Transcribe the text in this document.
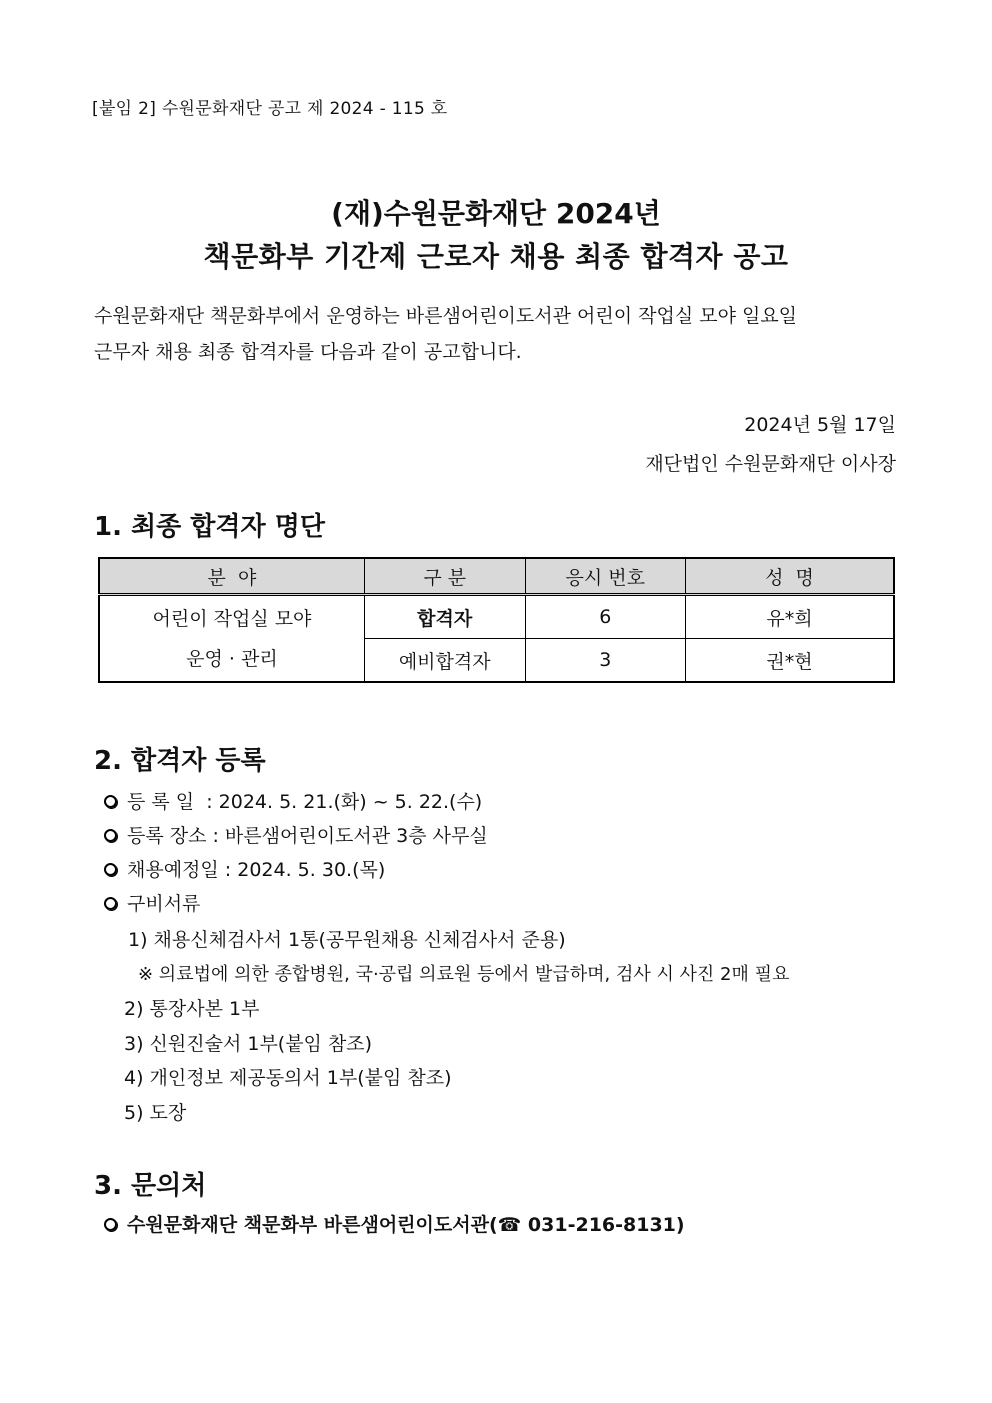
[붙임 2] 수원문화재단 공고 제 2024 - 115 호
(재)수원문화재단 2024년
책문화부 기간제 근로자 채용 최종 합격자 공고
수원문화재단 책문화부에서 운영하는 바른샘어린이도서관 어린이 작업실 모야 일요일
근무자 채용 최종 합격자를 다음과 같이 공고합니다.
2024년 5월 17일
재단법인 수원문화재단 이사장
1. 최종 합격자 명단
분  야	구 분	응시 번호	성  명

어린이 작업실 모야
운영 · 관리	합격자	6	유*희
	예비합격자	3	권*현
2. 합격자 등록
등 록 일  : 2024. 5. 21.(화) ~ 5. 22.(수)
등록 장소 : 바른샘어린이도서관 3층 사무실
채용예정일 : 2024. 5. 30.(목)
구비서류
1) 채용신체검사서 1통(공무원채용 신체검사서 준용)
※ 의료법에 의한 종합병원, 국·공립 의료원 등에서 발급하며, 검사 시 사진 2매 필요
2) 통장사본 1부
3) 신원진술서 1부(붙임 참조)
4) 개인정보 제공동의서 1부(붙임 참조)
5) 도장
3. 문의처
수원문화재단 책문화부 바른샘어린이도서관(☎ 031-216-8131)
